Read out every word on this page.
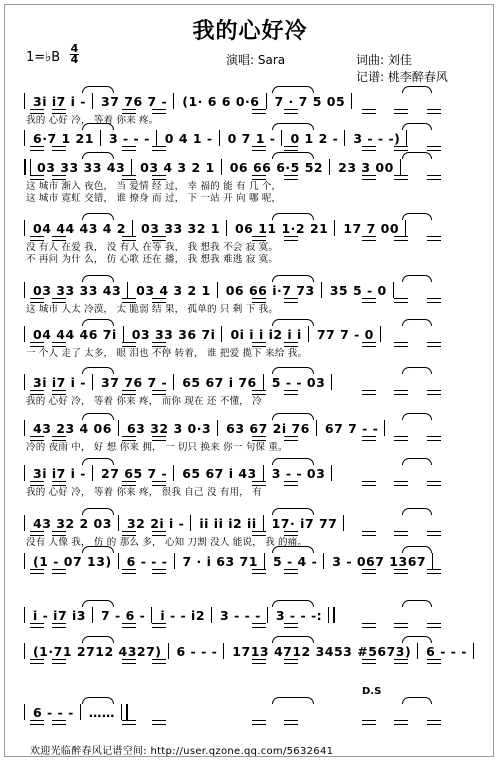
我的心好冷
1=♭B
4
4	演唱: Sara	词曲: 刘佳
记谱: 桃李醉春风
3i i7 i -	37 76 7 -	(1· 6 6 0·6	7 · 7 5 05
我的 心好 冷， 等着 你来 疼。
6·7 1 21	3 - - -	0 4 1 -	0 7 1 -	0 1 2 -	3 - - -)
03 33 33 43	03 4 3 2 1	06 66 6·5 52	23 3 00
这 城市 渐入 夜色， 当 爱情 经 过， 幸 福的 能 有 几 个，
这 城市 霓虹 交错， 谁 撩身 而 过， 下 一站 开 向 哪 呢，
04 44 43 4 2	03 33 32 1	06 11 1·2 21	17 7 00
没 有人 在爱 我， 没 有人 在等 我， 我 想我 不会 寂 寞。
不 再问 为什 么， 仿 心歌 还在 播， 我 想我 难逃 寂 寞。
03 33 33 43	03 4 3 2 1	06 66 i·7 73	35 5 - 0
这 城市 人太 冷漠， 太 脆弱 结 果， 孤单的 只 剩 下 我。
04 44 46 7i	03 33 36 7i	0i i i i2 i i	77 7 - 0
一 个人 走了 太多， 眼 泪也 不停 转着， 谁 把爱 揽下 来给 我。
3i i7 i -	37 76 7 -	65 67 i 76	5 - - 03
我的 心好 冷， 等着 你来 疼， 而你 现在 还 不懂， 冷
43 23 4 06	63 32 3 0·3	63 67 2i 76	67 7 - -
冷的 夜雨 中， 好 想 你来 拥， 一 切只 换来 你一 句保 重。
3i i7 i -	27 65 7 -	65 67 i 43	3 - - 03
我的 心好 冷， 等着 你来 疼， 很我 自己 没 有用， 有
43 32 2 03	32 2i i -	ii ii i2 ii	17· i7 77
没有 人像 我， 仿 的 那么 多， 心知 刀割 没人 能说， 我 的痛。
(1 - 07 13)	6 - - -	7 · i 63 71	5 - 4 -	3 - 067 1367
i - i7 i3	7 - 6 -	i - - i2	3 - - -	3 - - -:
(1·71 2712 4327)	6 - - -	1713 4712 3453 #5673)	6 - - -
6 - - -	……
D.S
欢迎光临醉春风记谱空间: http://user.qzone.qq.com/5632641
